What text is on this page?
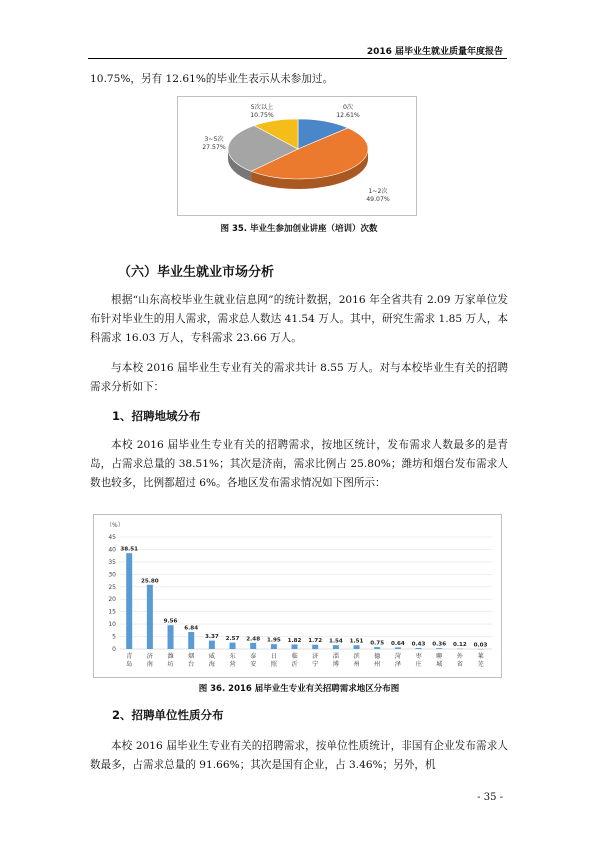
2016 届毕业生就业质量年度报告
10.75%，另有 12.61%的毕业生表示从未参加过。
0次
12.61%
1~2次
49.07%
3~5次
27.57%
5次以上
10.75%
图 35. 毕业生参加创业讲座（培训）次数
（六）毕业生就业市场分析

根据“山东高校毕业生就业信息网”的统计数据，2016 年全省共有 2.09 万家单位发布针对毕业生的用人需求，需求总人数达 41.54 万人。其中，研究生需求 1.85 万人，本科需求 16.03 万人，专科需求 23.66 万人。

与本校 2016 届毕业生专业有关的需求共计 8.55 万人。对与本校毕业生有关的招聘需求分析如下：

1、招聘地域分布

本校 2016 届毕业生专业有关的招聘需求，按地区统计，发布需求人数最多的是青岛，占需求总量的 38.51%；其次是济南，需求比例占 25.80%；潍坊和烟台发布需求人数也较多，比例都超过 6%。各地区发布需求情况如下图所示：

（%）
0
5
10
15
20
25
30
35
40
45
38.51
青岛
25.80
济南
9.56
潍坊
6.84
烟台
3.37
威海
2.57
东营
2.48
泰安
1.95
日照
1.82
临沂
1.72
济宁
1.54
淄博
1.51
滨州
0.75
德州
0.64
菏泽
0.43
枣庄
0.36
聊城
0.12
外省
0.03
莱芜
图 36. 2016 届毕业生专业有关招聘需求地区分布图
2、招聘单位性质分布

本校 2016 届毕业生专业有关的招聘需求，按单位性质统计，非国有企业发布需求人数最多，占需求总量的 91.66%；其次是国有企业，占 3.46%；另外，机

- 35 -
